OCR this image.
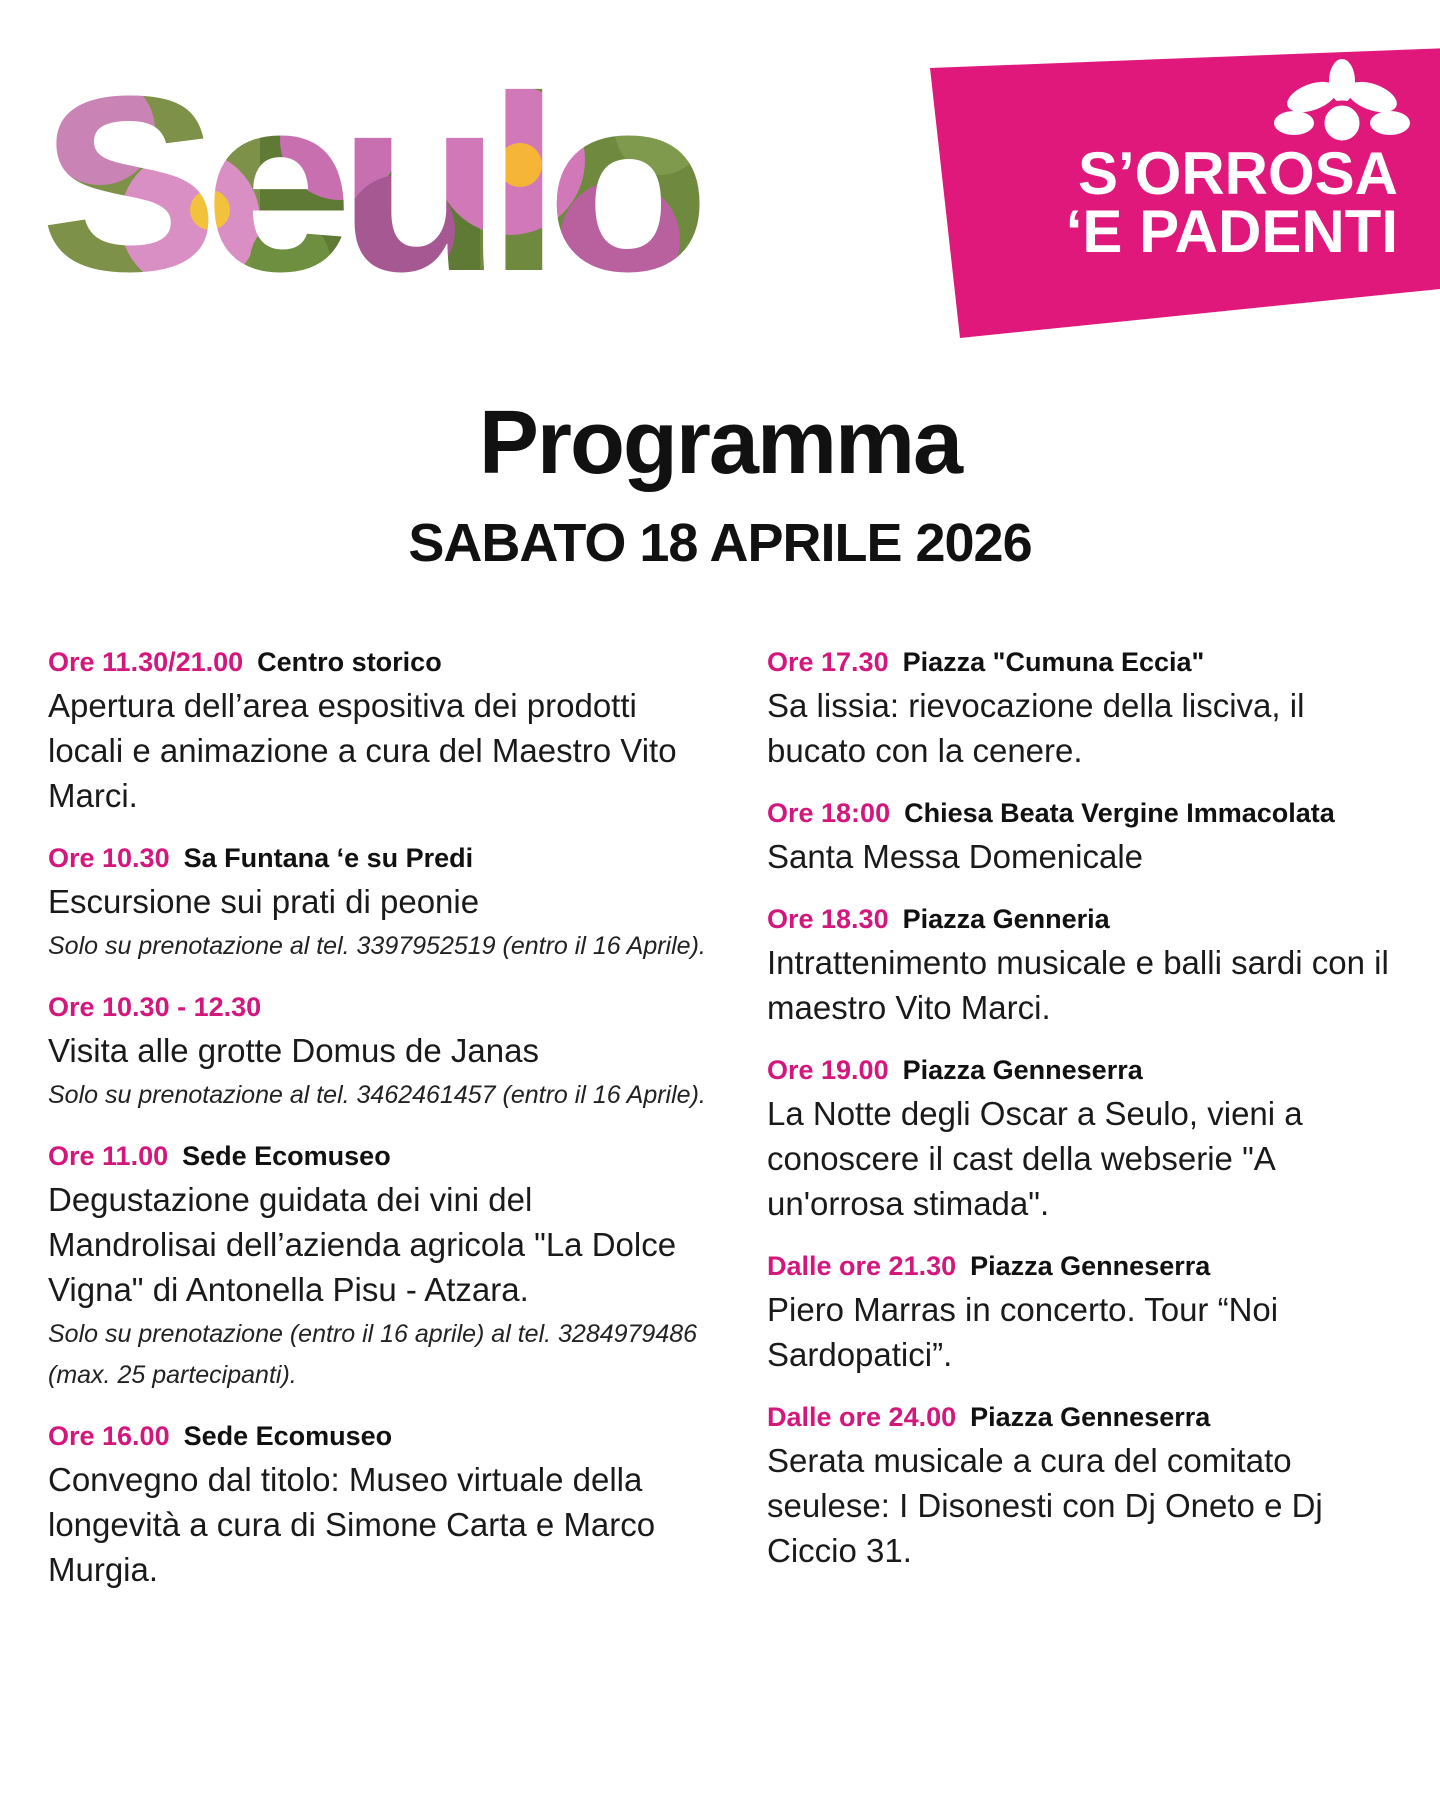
S’ORROSA
‘E PADENTI
Programma
SABATO 18 APRILE 2026
Ore 11.30/21.00 Centro storico
Apertura dell’area espositiva dei prodotti locali e animazione a cura del Maestro Vito Marci.
Ore 10.30 Sa Funtana ‘e su Predi
Escursione sui prati di peonie
Solo su prenotazione al tel. 3397952519 (entro il 16 Aprile).
Ore 10.30 - 12.30
Visita alle grotte Domus de Janas
Solo su prenotazione al tel. 3462461457 (entro il 16 Aprile).
Ore 11.00 Sede Ecomuseo
Degustazione guidata dei vini del Mandrolisai dell’azienda agricola "La Dolce Vigna" di Antonella Pisu - Atzara.
Solo su prenotazione (entro il 16 aprile) al tel. 3284979486 (max. 25 partecipanti).
Ore 16.00 Sede Ecomuseo
Convegno dal titolo: Museo virtuale della longevità a cura di Simone Carta e Marco Murgia.
Ore 17.30 Piazza "Cumuna Eccia"
Sa lissia: rievocazione della lisciva, il bucato con la cenere.
Ore 18:00 Chiesa Beata Vergine Immacolata
Santa Messa Domenicale
Ore 18.30 Piazza Genneria
Intrattenimento musicale e balli sardi con il maestro Vito Marci.
Ore 19.00 Piazza Genneserra
La Notte degli Oscar a Seulo, vieni a conoscere il cast della webserie "A un'orrosa stimada".
Dalle ore 21.30 Piazza Genneserra
Piero Marras in concerto. Tour “Noi Sardopatici”.
Dalle ore 24.00 Piazza Genneserra
Serata musicale a cura del comitato seulese: I Disonesti con Dj Oneto e Dj Ciccio 31.
